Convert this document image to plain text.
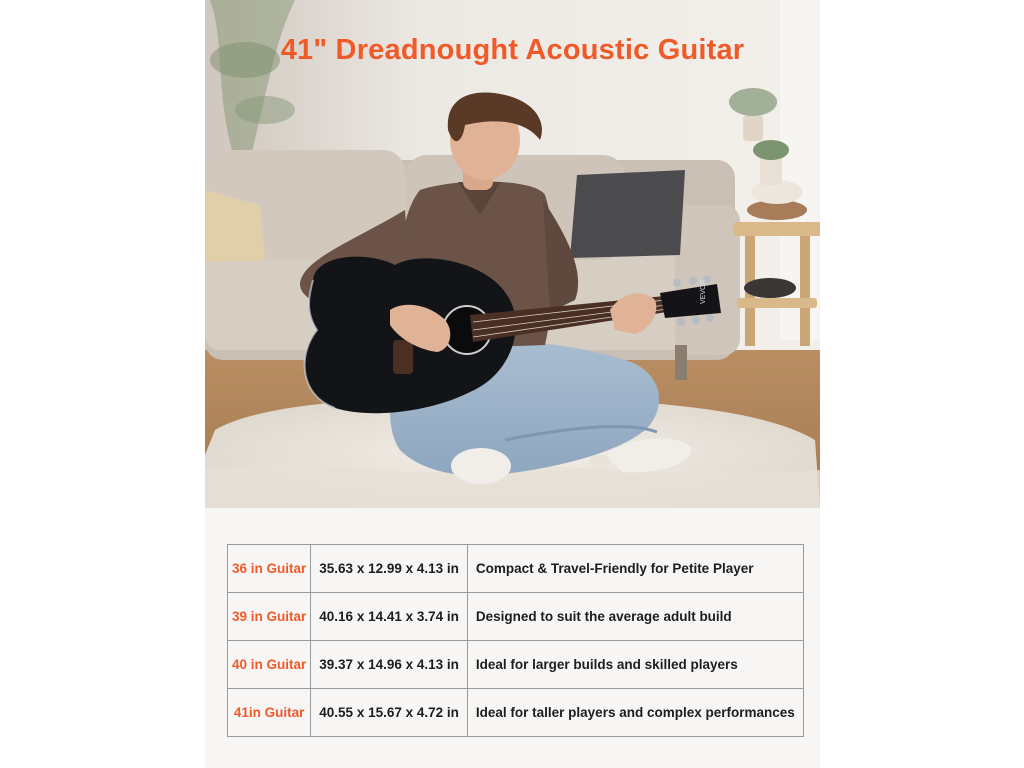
VEVOR
41" Dreadnought Acoustic Guitar
36 in Guitar	35.63 x 12.99 x 4.13 in	Compact & Travel-Friendly for Petite Player
39 in Guitar	40.16 x 14.41 x 3.74 in	Designed to suit the average adult build
40 in Guitar	39.37 x 14.96 x 4.13 in	Ideal for larger builds and skilled players
41in Guitar	40.55 x 15.67 x 4.72 in	Ideal for taller players and complex performances
